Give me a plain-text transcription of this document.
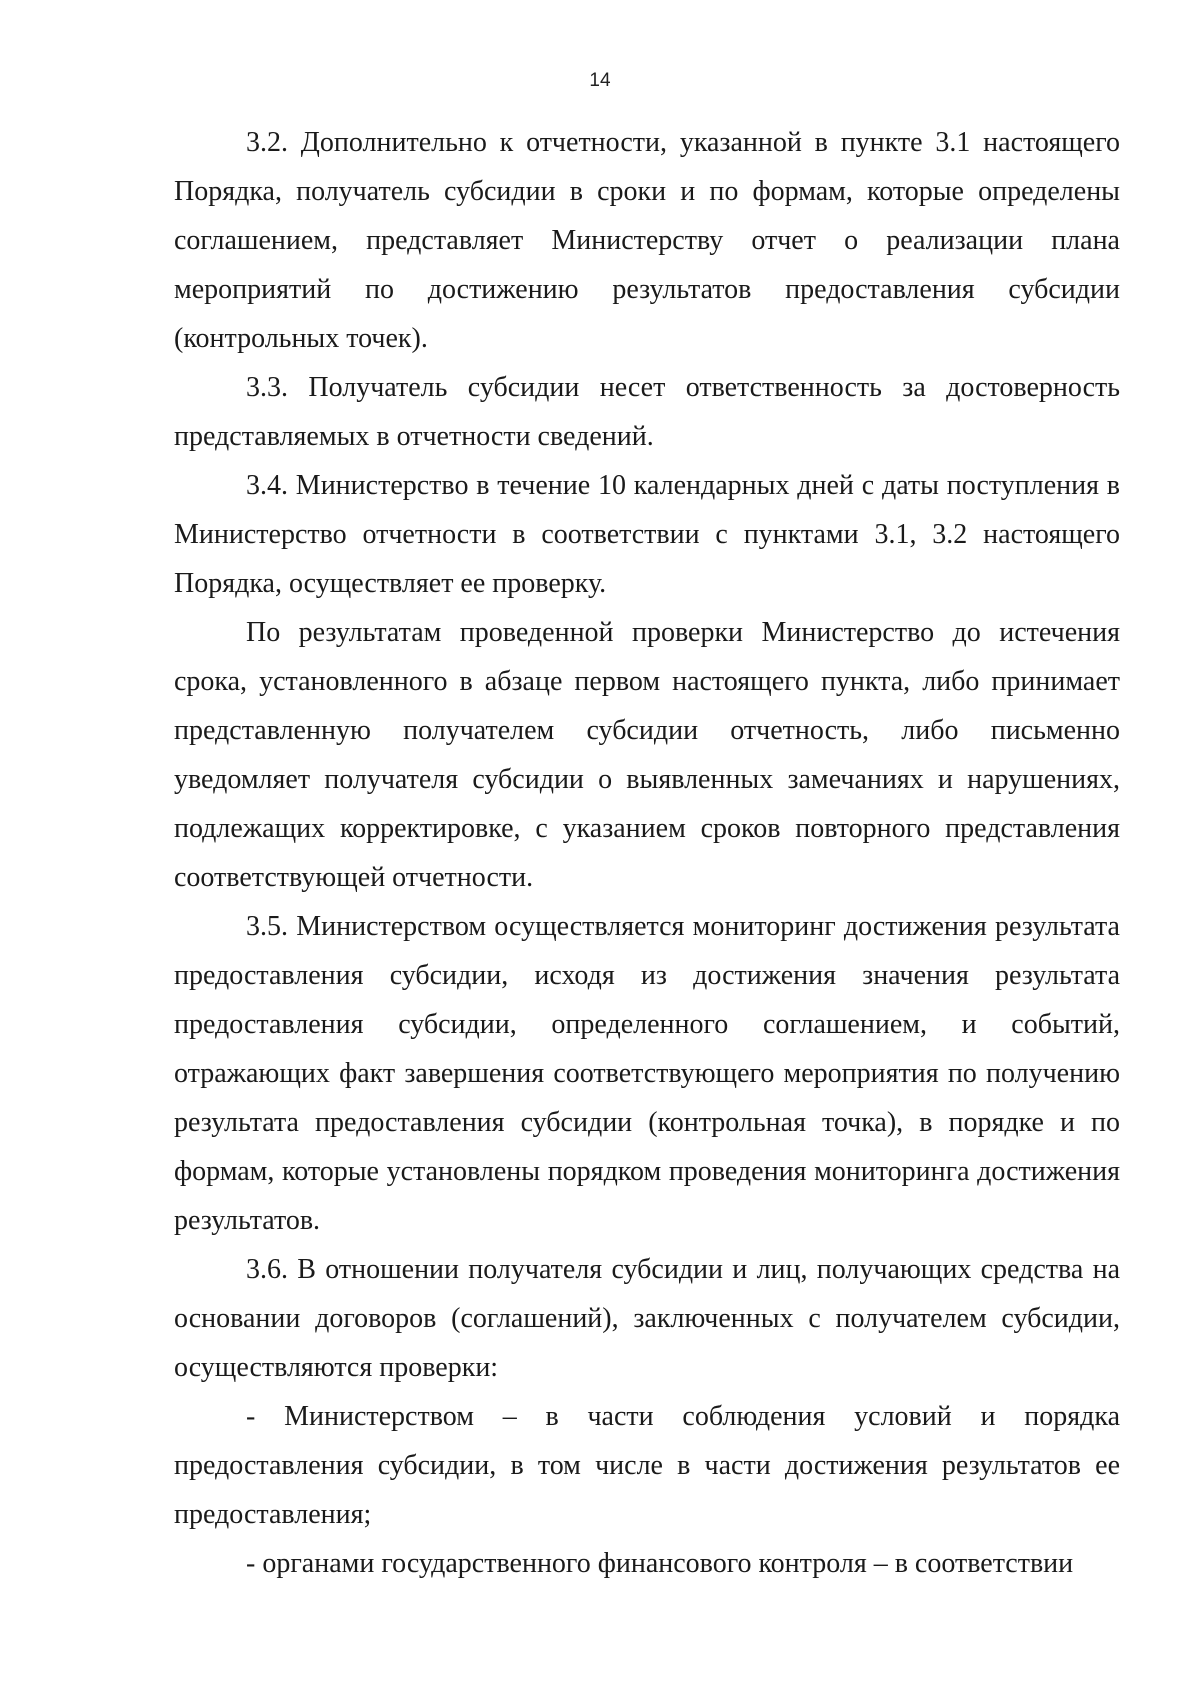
14

3.2. Дополнительно к отчетности, указанной в пункте 3.1 настоящего Порядка, получатель субсидии в сроки и по формам, которые определены соглашением, представляет Министерству отчет о реализации плана мероприятий по достижению результатов предоставления субсидии (контрольных точек).

3.3. Получатель субсидии несет ответственность за достоверность представляемых в отчетности сведений.

3.4. Министерство в течение 10 календарных дней с даты поступления в Министерство отчетности в соответствии с пунктами 3.1, 3.2 настоящего Порядка, осуществляет ее проверку.

По результатам проведенной проверки Министерство до истечения срока, установленного в абзаце первом настоящего пункта, либо принимает представленную получателем субсидии отчетность, либо письменно уведомляет получателя субсидии о выявленных замечаниях и нарушениях, подлежащих корректировке, с указанием сроков повторного представления соответствующей отчетности.

3.5. Министерством осуществляется мониторинг достижения результата предоставления субсидии, исходя из достижения значения результата предоставления субсидии, определенного соглашением, и событий, отражающих факт завершения соответствующего мероприятия по получению результата предоставления субсидии (контрольная точка), в порядке и по формам, которые установлены порядком проведения мониторинга достижения результатов.

3.6. В отношении получателя субсидии и лиц, получающих средства на основании договоров (соглашений), заключенных с получателем субсидии, осуществляются проверки:

- Министерством – в части соблюдения условий и порядка предоставления субсидии, в том числе в части достижения результатов ее предоставления;

- органами государственного финансового контроля – в соответствии
